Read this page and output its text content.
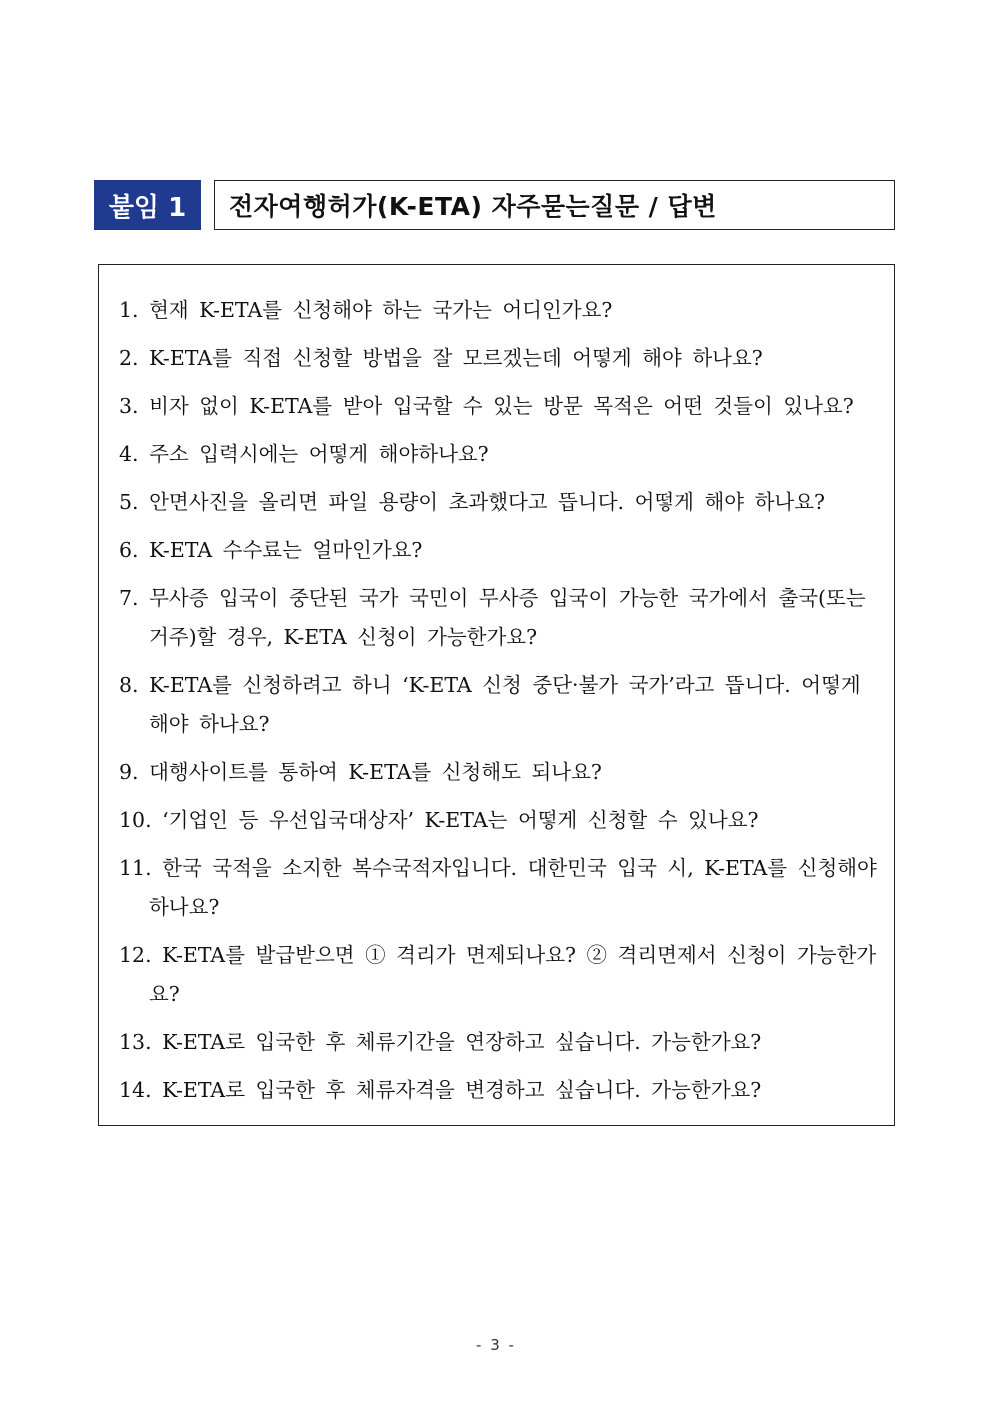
붙임 1	전자여행허가(K-ETA) 자주묻는질문 / 답변
1. 현재 K-ETA를 신청해야 하는 국가는 어디인가요?
2. K-ETA를 직접 신청할 방법을 잘 모르겠는데 어떻게 해야 하나요?
3. 비자 없이 K-ETA를 받아 입국할 수 있는 방문 목적은 어떤 것들이 있나요?
4. 주소 입력시에는 어떻게 해야하나요?
5. 안면사진을 올리면 파일 용량이 초과했다고 뜹니다. 어떻게 해야 하나요?
6. K-ETA 수수료는 얼마인가요?
7. 무사증 입국이 중단된 국가 국민이 무사증 입국이 가능한 국가에서 출국(또는 거주)할 경우, K-ETA 신청이 가능한가요?
8. K-ETA를 신청하려고 하니 ‘K-ETA 신청 중단·불가 국가’라고 뜹니다. 어떻게 해야 하나요?
9. 대행사이트를 통하여 K-ETA를 신청해도 되나요?
10. ‘기업인 등 우선입국대상자’ K-ETA는 어떻게 신청할 수 있나요?
11. 한국 국적을 소지한 복수국적자입니다. 대한민국 입국 시, K-ETA를 신청해야 하나요?
12. K-ETA를 발급받으면 ① 격리가 면제되나요? ② 격리면제서 신청이 가능한가요?
13. K-ETA로 입국한 후 체류기간을 연장하고 싶습니다. 가능한가요?
14. K-ETA로 입국한 후 체류자격을 변경하고 싶습니다. 가능한가요?
- 3 -
